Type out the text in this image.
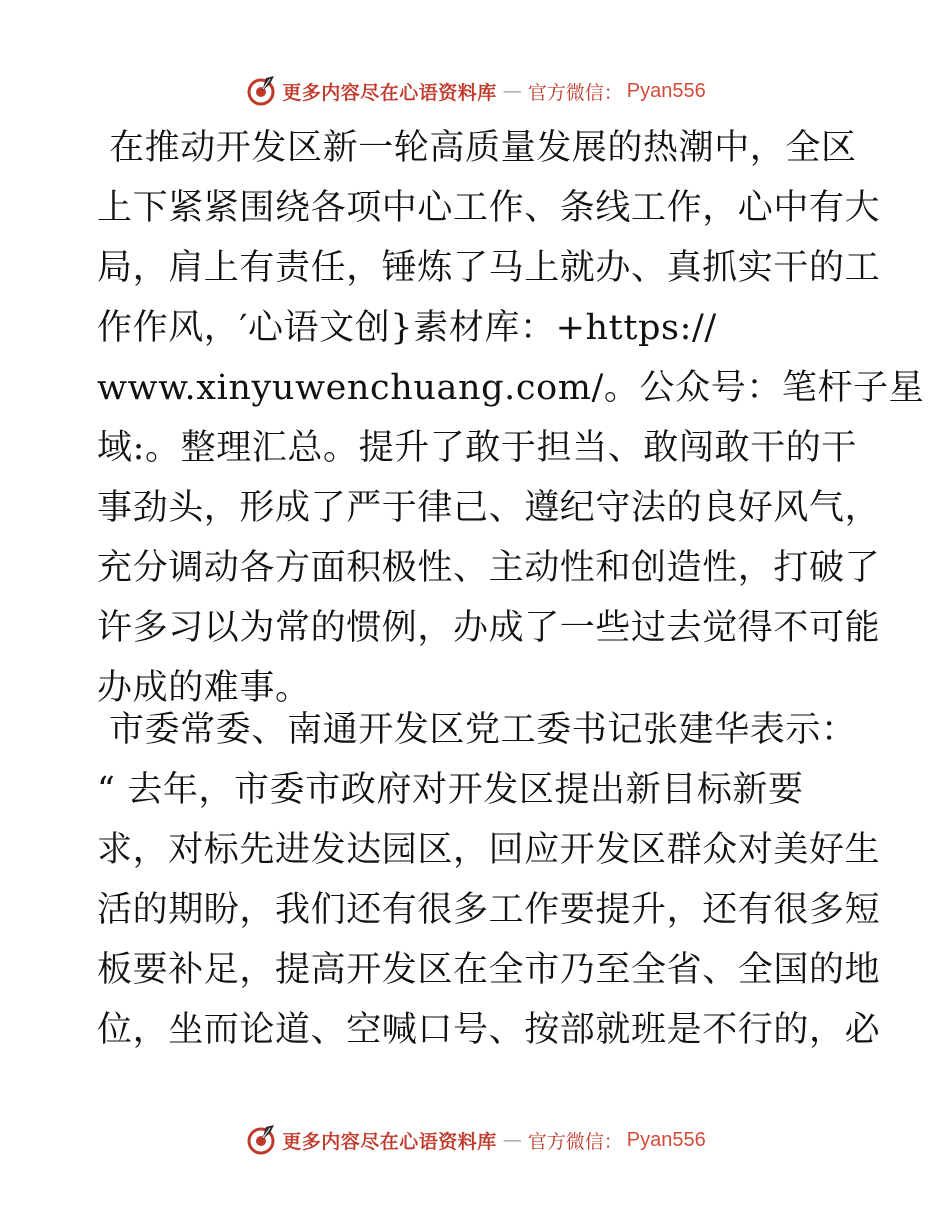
更多内容尽在心语资料库 — 官方微信： Pyan556
在推动开发区新一轮高质量发展的热潮中，全区
上下紧紧围绕各项中心工作、条线工作，心中有大
局，肩上有责任，锤炼了马上就办、真抓实干的工
作作风，′心语文创}素材库：+https://
www.xinyuwenchuang.com/。公众号：笔杆子星
域:。整理汇总。提升了敢于担当、敢闯敢干的干
事劲头，形成了严于律己、遵纪守法的良好风气，
充分调动各方面积极性、主动性和创造性，打破了
许多习以为常的惯例，办成了一些过去觉得不可能
办成的难事。
市委常委、南通开发区党工委书记张建华表示：
“ 去年，市委市政府对开发区提出新目标新要
求，对标先进发达园区，回应开发区群众对美好生
活的期盼，我们还有很多工作要提升，还有很多短
板要补足，提高开发区在全市乃至全省、全国的地
位，坐而论道、空喊口号、按部就班是不行的，必
更多内容尽在心语资料库 — 官方微信： Pyan556
